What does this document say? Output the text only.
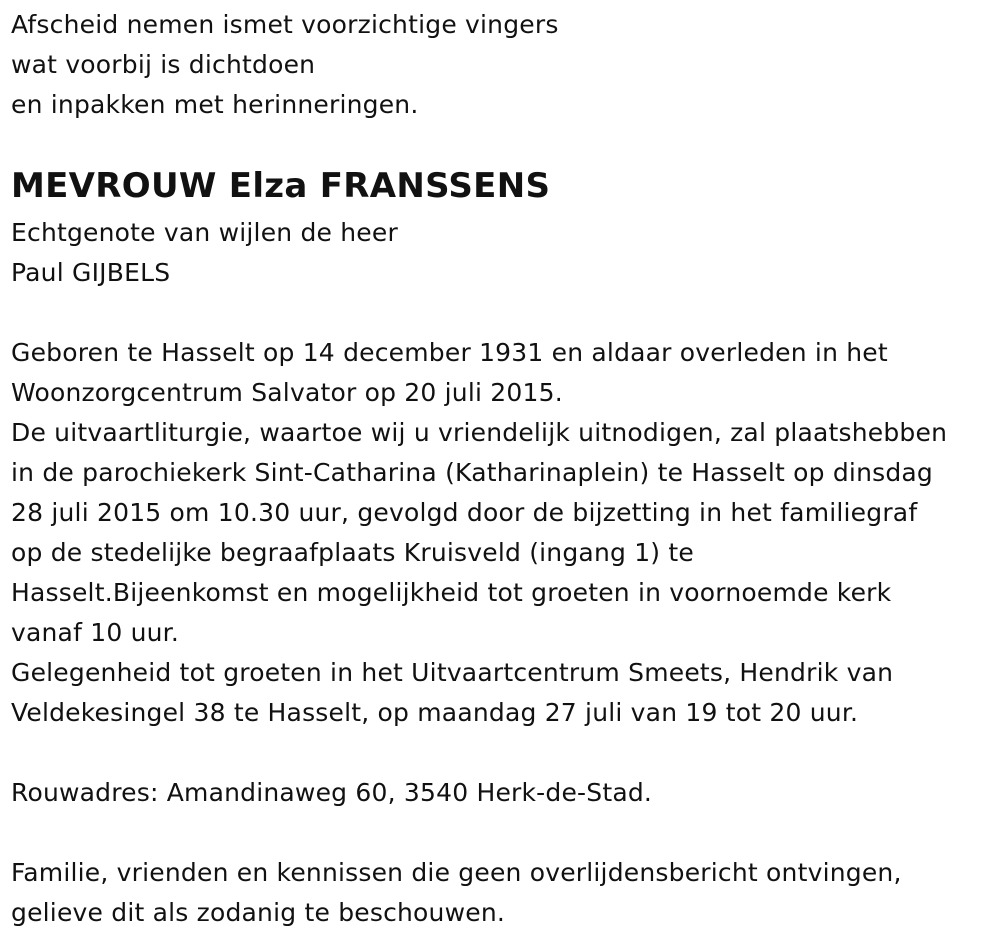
Afscheid nemen ismet voorzichtige vingers
wat voorbij is dichtdoen
en inpakken met herinneringen.
MEVROUW Elza FRANSSENS
Echtgenote van wijlen de heer
Paul GIJBELS
Geboren te Hasselt op 14 december 1931 en aldaar overleden in het
Woonzorgcentrum Salvator op 20 juli 2015.
De uitvaartliturgie, waartoe wij u vriendelijk uitnodigen, zal plaatshebben
in de parochiekerk Sint-Catharina (Katharinaplein) te Hasselt op dinsdag
28 juli 2015 om 10.30 uur, gevolgd door de bijzetting in het familiegraf
op de stedelijke begraafplaats Kruisveld (ingang 1) te
Hasselt.Bijeenkomst en mogelijkheid tot groeten in voornoemde kerk
vanaf 10 uur.
Gelegenheid tot groeten in het Uitvaartcentrum Smeets, Hendrik van
Veldekesingel 38 te Hasselt, op maandag 27 juli van 19 tot 20 uur.
Rouwadres: Amandinaweg 60, 3540 Herk-de-Stad.
Familie, vrienden en kennissen die geen overlijdensbericht ontvingen,
gelieve dit als zodanig te beschouwen.
